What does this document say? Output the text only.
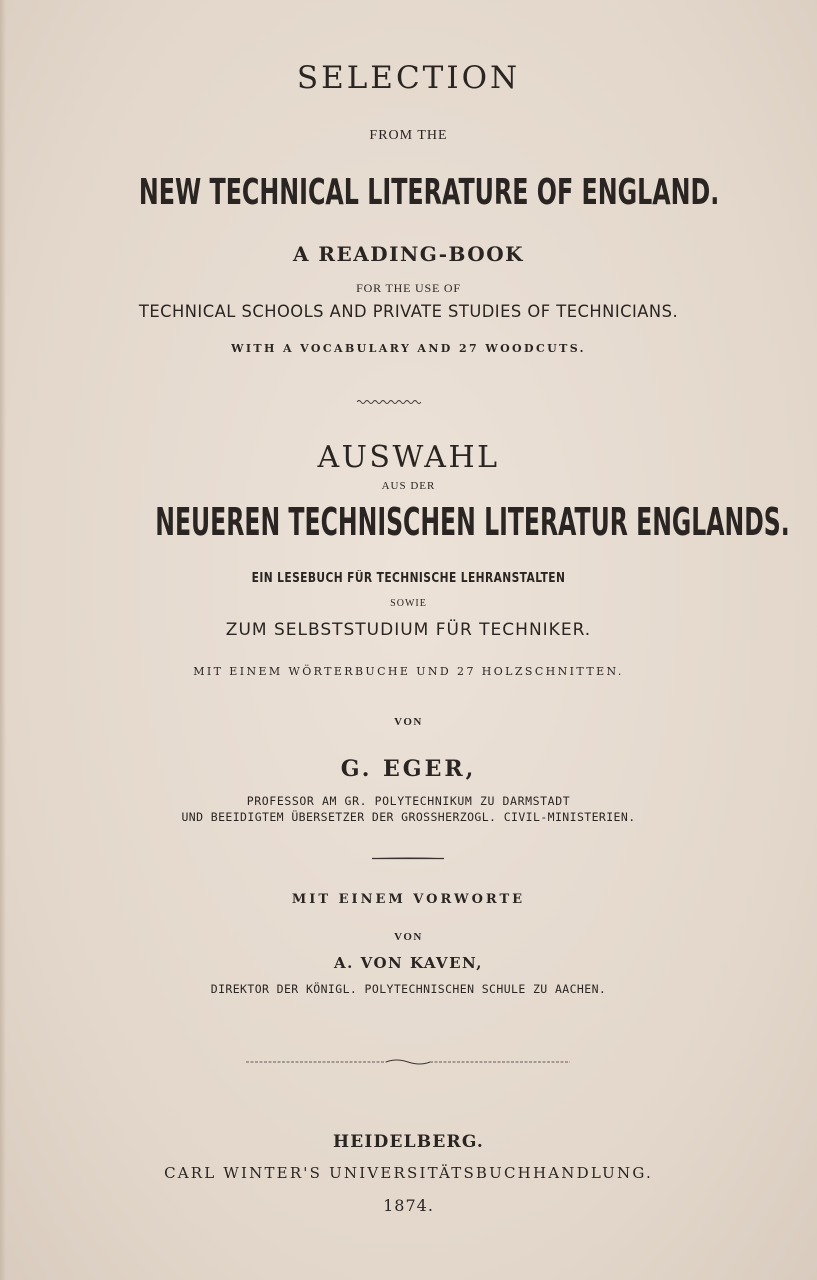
SELECTION
FROM THE
NEW TECHNICAL LITERATURE OF ENGLAND.
A READING-BOOK
FOR THE USE OF
TECHNICAL SCHOOLS AND PRIVATE STUDIES OF TECHNICIANS.
WITH A VOCABULARY AND 27 WOODCUTS.
AUSWAHL
AUS DER
NEUEREN TECHNISCHEN LITERATUR ENGLANDS.
EIN LESEBUCH FÜR TECHNISCHE LEHRANSTALTEN
SOWIE
ZUM SELBSTSTUDIUM FÜR TECHNIKER.
MIT EINEM WÖRTERBUCHE UND 27 HOLZSCHNITTEN.
VON
G. EGER,
PROFESSOR AM GR. POLYTECHNIKUM ZU DARMSTADT
UND BEEIDIGTEM ÜBERSETZER DER GROSSHERZOGL. CIVIL-MINISTERIEN.
MIT EINEM VORWORTE
VON
A. VON KAVEN,
DIREKTOR DER KÖNIGL. POLYTECHNISCHEN SCHULE ZU AACHEN.
HEIDELBERG.
CARL WINTER'S UNIVERSITÄTSBUCHHANDLUNG.
1874.
